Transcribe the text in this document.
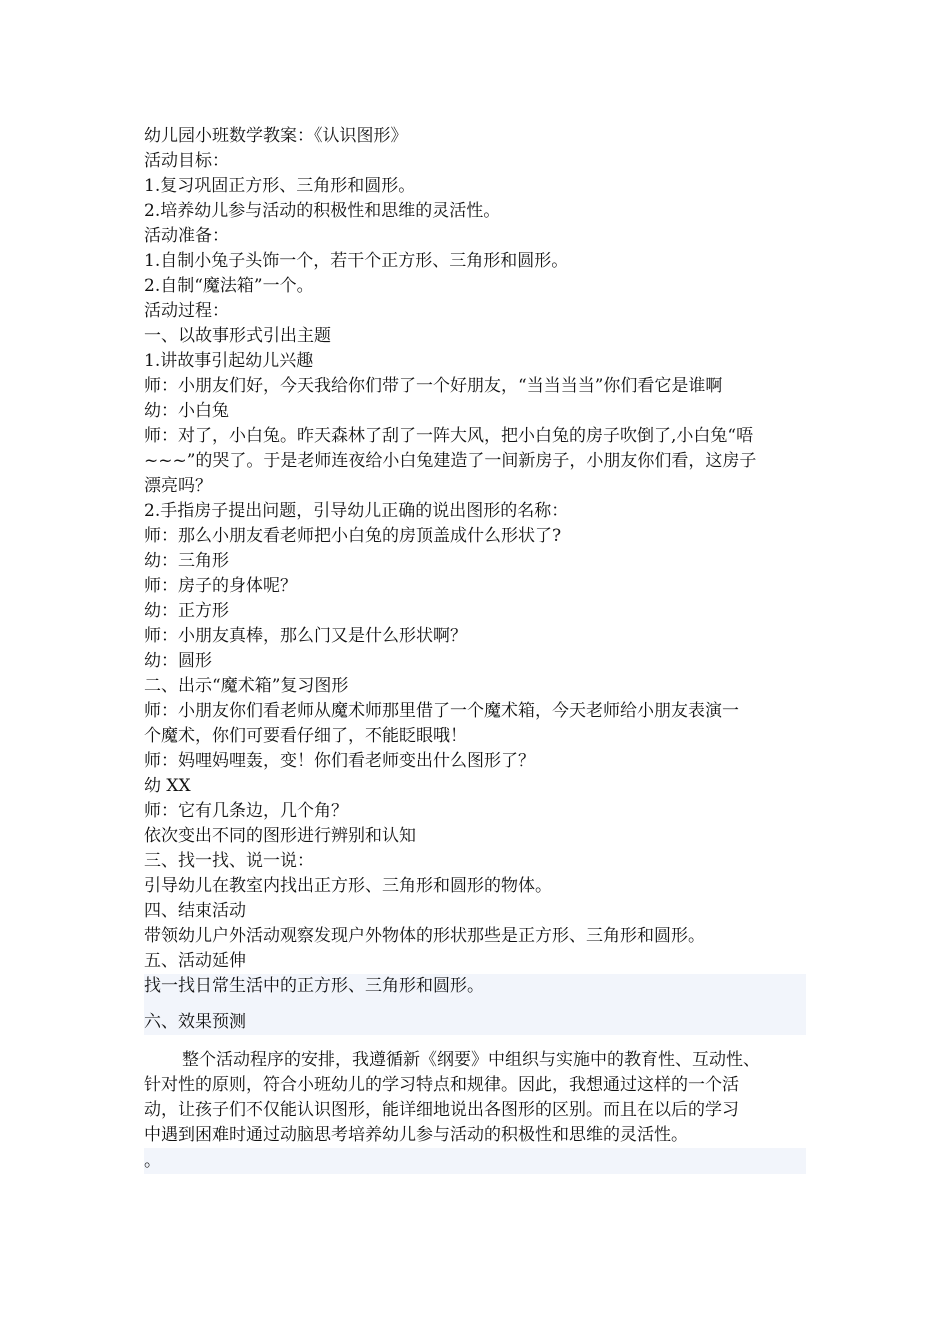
幼儿园小班数学教案：《认识图形》
活动目标：
1.复习巩固正方形、三角形和圆形。
2.培养幼儿参与活动的积极性和思维的灵活性。
活动准备：
1.自制小兔子头饰一个，若干个正方形、三角形和圆形。
2.自制“魔法箱”一个。
活动过程：
一、以故事形式引出主题
1.讲故事引起幼儿兴趣
师：小朋友们好，今天我给你们带了一个好朋友，“当当当当”你们看它是谁啊
幼：小白兔
师：对了，小白兔。昨天森林了刮了一阵大风，把小白兔的房子吹倒了,小白兔“唔
~~~”的哭了。于是老师连夜给小白兔建造了一间新房子，小朋友你们看，这房子
漂亮吗？
2.手指房子提出问题，引导幼儿正确的说出图形的名称：
师：那么小朋友看老师把小白兔的房顶盖成什么形状了?
幼：三角形
师：房子的身体呢？
幼：正方形
师：小朋友真棒，那么门又是什么形状啊？
幼：圆形
二、出示“魔术箱”复习图形
师：小朋友你们看老师从魔术师那里借了一个魔术箱，今天老师给小朋友表演一
个魔术，你们可要看仔细了，不能眨眼哦！
师：妈哩妈哩轰，变！你们看老师变出什么图形了？
幼 XX
师：它有几条边，几个角？
依次变出不同的图形进行辨别和认知
三、找一找、说一说：
引导幼儿在教室内找出正方形、三角形和圆形的物体。
四、结束活动
带领幼儿户外活动观察发现户外物体的形状那些是正方形、三角形和圆形。
五、活动延伸
找一找日常生活中的正方形、三角形和圆形。
六、效果预测
整个活动程序的安排，我遵循新《纲要》中组织与实施中的教育性、互动性、
针对性的原则，符合小班幼儿的学习特点和规律。因此，我想通过这样的一个活
动，让孩子们不仅能认识图形，能详细地说出各图形的区别。而且在以后的学习
中遇到困难时通过动脑思考培养幼儿参与活动的积极性和思维的灵活性。
。
